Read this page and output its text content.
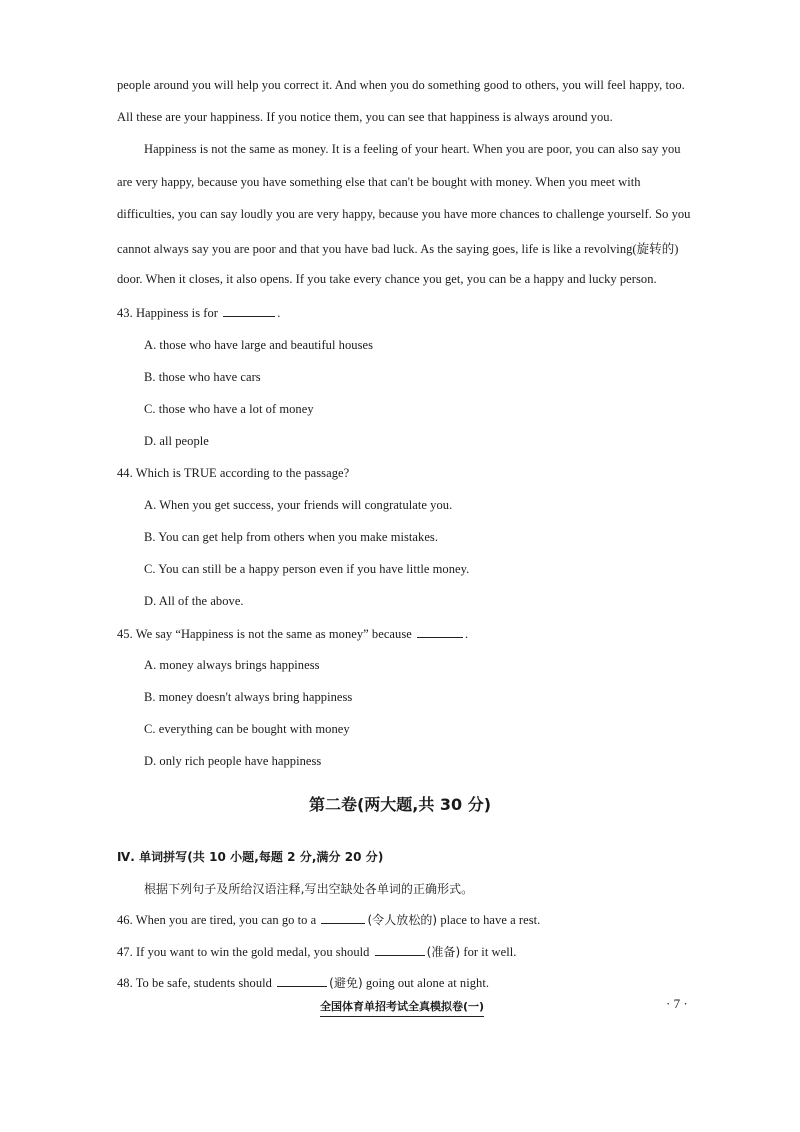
people around you will help you correct it. And when you do something good to others, you will feel happy, too.
All these are your happiness. If you notice them, you can see that happiness is always around you.
Happiness is not the same as money. It is a feeling of your heart. When you are poor, you can also say you
are very happy, because you have something else that can't be bought with money. When you meet with
difficulties, you can say loudly you are very happy, because you have more chances to challenge yourself. So you
cannot always say you are poor and that you have bad luck. As the saying goes, life is like a revolving(旋转的)
door. When it closes, it also opens. If you take every chance you get, you can be a happy and lucky person.
43. Happiness is for	.
A. those who have large and beautiful houses
B. those who have cars
C. those who have a lot of money
D. all people
44. Which is TRUE according to the passage?
A. When you get success, your friends will congratulate you.
B. You can get help from others when you make mistakes.
C. You can still be a happy person even if you have little money.
D. All of the above.
45. We say “Happiness is not the same as money” because	.
A. money always brings happiness
B. money doesn't always bring happiness
C. everything can be bought with money
D. only rich people have happiness
第二卷(两大题,共 30 分)
Ⅳ. 单词拼写(共 10 小题,每题 2 分,满分 20 分)
根据下列句子及所给汉语注释,写出空缺处各单词的正确形式。
46. When you are tired, you can go to a	(令人放松的) place to have a rest.
47. If you want to win the gold medal, you should	(准备) for it well.
48. To be safe, students should	(避免) going out alone at night.
全国体育单招考试全真模拟卷(一)	· 7 ·
